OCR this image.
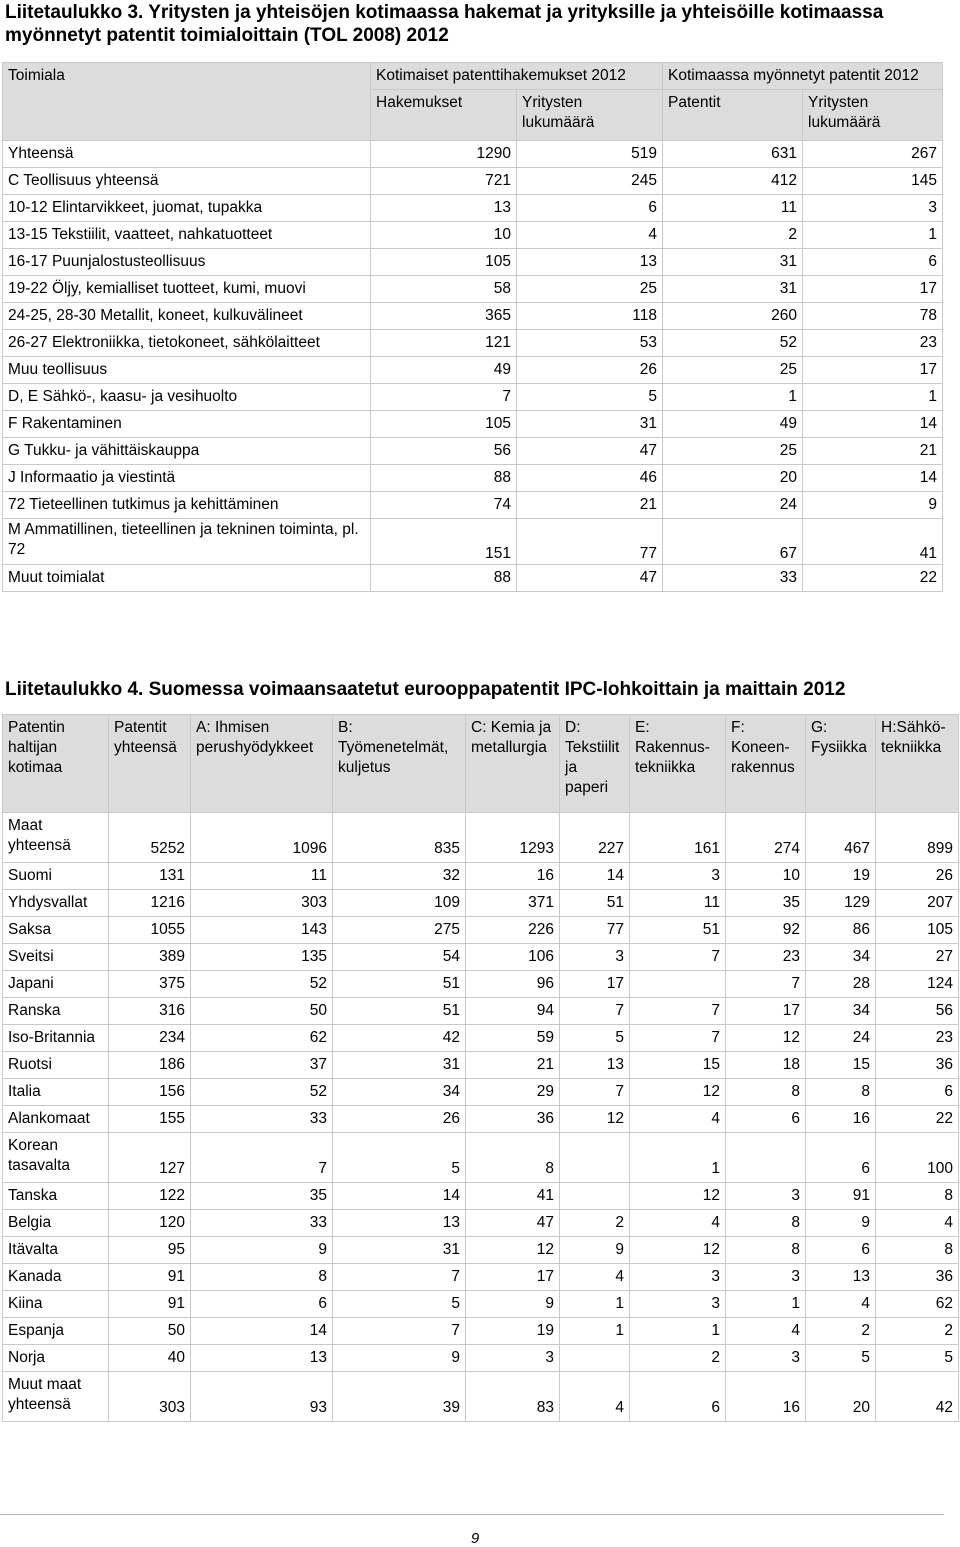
Liitetaulukko 3. Yritysten ja yhteisöjen kotimaassa hakemat ja yrityksille ja yhteisöille kotimaassa myönnetyt patentit toimialoittain (TOL 2008) 2012
Toimiala	Kotimaiset patenttihakemukset 2012		Kotimaassa myönnetyt patentit 2012	
	Hakemukset	Yritysten lukumäärä	Patentit	Yritysten lukumäärä
Yhteensä	1290	519	631	267
C Teollisuus yhteensä	721	245	412	145
10-12 Elintarvikkeet, juomat, tupakka	13	6	11	3
13-15 Tekstiilit, vaatteet, nahkatuotteet	10	4	2	1
16-17 Puunjalostusteollisuus	105	13	31	6
19-22 Öljy, kemialliset tuotteet, kumi, muovi	58	25	31	17
24-25, 28-30 Metallit, koneet, kulkuvälineet	365	118	260	78
26-27 Elektroniikka, tietokoneet, sähkölaitteet	121	53	52	23
Muu teollisuus	49	26	25	17
D, E Sähkö-, kaasu- ja vesihuolto	7	5	1	1
F Rakentaminen	105	31	49	14
G Tukku- ja vähittäiskauppa	56	47	25	21
J Informaatio ja viestintä	88	46	20	14
72 Tieteellinen tutkimus ja kehittäminen	74	21	24	9
M Ammatillinen, tieteellinen ja tekninen toiminta, pl. 72	151	77	67	41
Muut toimialat	88	47	33	22
Liitetaulukko 4. Suomessa voimaansaatetut eurooppapatentit IPC-lohkoittain ja maittain 2012
Patentin haltijan kotimaa	Patentit yhteensä	A: Ihmisen perushyödykkeet	B: Työmenetelmät, kuljetus	C: Kemia ja metallurgia	D: Tekstiilit ja paperi	E: Rakennus-tekniikka	F: Koneen-rakennus	G: Fysiikka	H:Sähkö-tekniikka
Maat yhteensä	5252	1096	835	1293	227	161	274	467	899
Suomi	131	11	32	16	14	3	10	19	26
Yhdysvallat	1216	303	109	371	51	11	35	129	207
Saksa	1055	143	275	226	77	51	92	86	105
Sveitsi	389	135	54	106	3	7	23	34	27
Japani	375	52	51	96	17		7	28	124
Ranska	316	50	51	94	7	7	17	34	56
Iso-Britannia	234	62	42	59	5	7	12	24	23
Ruotsi	186	37	31	21	13	15	18	15	36
Italia	156	52	34	29	7	12	8	8	6
Alankomaat	155	33	26	36	12	4	6	16	22
Korean tasavalta	127	7	5	8		1		6	100
Tanska	122	35	14	41		12	3	91	8
Belgia	120	33	13	47	2	4	8	9	4
Itävalta	95	9	31	12	9	12	8	6	8
Kanada	91	8	7	17	4	3	3	13	36
Kiina	91	6	5	9	1	3	1	4	62
Espanja	50	14	7	19	1	1	4	2	2
Norja	40	13	9	3		2	3	5	5
Muut maat yhteensä	303	93	39	83	4	6	16	20	42
9
